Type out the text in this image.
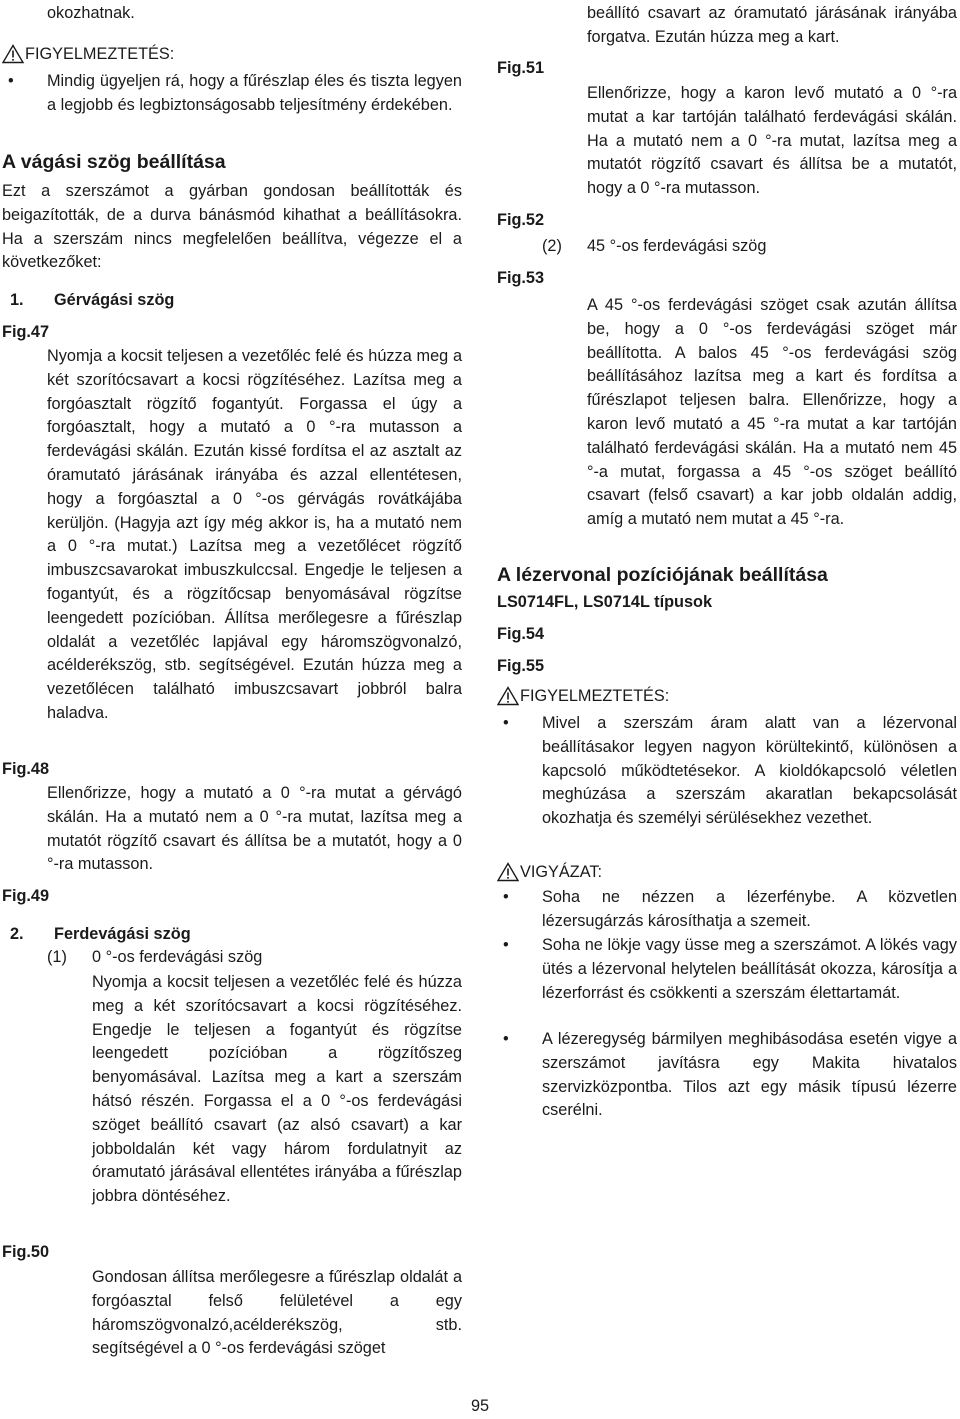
okozhatnak.

FIGYELMEZTETÉS:
• Mindig ügyeljen rá, hogy a fűrészlap éles és tiszta legyen a legjobb és legbiztonságosabb teljesítmény érdekében.

A vágási szög beállítása

Ezt a szerszámot a gyárban gondosan beállították és beigazították, de a durva bánásmód kihathat a beállításokra. Ha a szerszám nincs megfelelően beállítva, végezze el a következőket:

1.	Gérvágási szög

Fig.47

Nyomja a kocsit teljesen a vezetőléc felé és húzza meg a két szorítócsavart a kocsi rögzítéséhez. Lazítsa meg a forgóasztalt rögzítő fogantyút. Forgassa el úgy a forgóasztalt, hogy a mutató a 0 °-ra mutasson a ferdevágási skálán. Ezután kissé fordítsa el az asztalt az óramutató járásának irányába és azzal ellentétesen, hogy a forgóasztal a 0 °-os gérvágás rovátkájába kerüljön. (Hagyja azt így még akkor is, ha a mutató nem a 0 °-ra mutat.) Lazítsa meg a vezetőlécet rögzítő imbuszcsavarokat imbuszkulccsal. Engedje le teljesen a fogantyút, és a rögzítőcsap benyomásával rögzítse leengedett pozícióban. Állítsa merőlegesre a fűrészlap oldalát a vezetőléc lapjával egy háromszögvonalzó, acélderékszög, stb. segítségével. Ezután húzza meg a vezetőlécen található imbuszcsavart jobbról balra haladva.

Fig.48

Ellenőrizze, hogy a mutató a 0 °-ra mutat a gérvágó skálán. Ha a mutató nem a 0 °-ra mutat, lazítsa meg a mutatót rögzítő csavart és állítsa be a mutatót, hogy a 0 °-ra mutasson.

Fig.49

2.	Ferdevágási szög
(1)	0 °-os ferdevágási szög

Nyomja a kocsit teljesen a vezetőléc felé és húzza meg a két szorítócsavart a kocsi rögzítéséhez. Engedje le teljesen a fogantyút és rögzítse leengedett pozícióban a rögzítőszeg benyomásával. Lazítsa meg a kart a szerszám hátsó részén. Forgassa el a 0 °-os ferdevágási szöget beállító csavart (az alsó csavart) a kar jobboldalán két vagy három fordulatnyit az óramutató járásával ellentétes irányába a fűrészlap jobbra döntéséhez.

Fig.50

Gondosan állítsa merőlegesre a fűrészlap oldalát a forgóasztal felső felületével a egy háromszögvonalzó,acélderékszög, stb. segítségével a 0 °-os ferdevágási szöget

beállító csavart az óramutató járásának irányába forgatva. Ezután húzza meg a kart.

Fig.51

Ellenőrizze, hogy a karon levő mutató a 0 °-ra mutat a kar tartóján található ferdevágási skálán. Ha a mutató nem a 0 °-ra mutat, lazítsa meg a mutatót rögzítő csavart és állítsa be a mutatót, hogy a 0 °-ra mutasson.

Fig.52

(2)	45 °-os ferdevágási szög

Fig.53

A 45 °-os ferdevágási szöget csak azután állítsa be, hogy a 0 °-os ferdevágási szöget már beállította. A balos 45 °-os ferdevágási szög beállításához lazítsa meg a kart és fordítsa a fűrészlapot teljesen balra. Ellenőrizze, hogy a karon levő mutató a 45 °-ra mutat a kar tartóján található ferdevágási skálán. Ha a mutató nem 45 °-a mutat, forgassa a 45 °-os szöget beállító csavart (felső csavart) a kar jobb oldalán addig, amíg a mutató nem mutat a 45 °-ra.

A lézervonal pozíciójának beállítása

LS0714FL, LS0714L típusok

Fig.54

Fig.55

FIGYELMEZTETÉS:
• Mivel a szerszám áram alatt van a lézervonal beállításakor legyen nagyon körültekintő, különösen a kapcsoló működtetésekor. A kioldókapcsoló véletlen meghúzása a szerszám akaratlan bekapcsolását okozhatja és személyi sérülésekhez vezethet.

VIGYÁZAT:
• Soha ne nézzen a lézerfénybe. A közvetlen lézersugárzás károsíthatja a szemeit.

• Soha ne lökje vagy üsse meg a szerszámot. A lökés vagy ütés a lézervonal helytelen beállítását okozza, károsítja a lézerforrást és csökkenti a szerszám élettartamát.

• A lézeregység bármilyen meghibásodása esetén vigye a szerszámot javításra egy Makita hivatalos szervizközpontba. Tilos azt egy másik típusú lézerre cserélni.

95
